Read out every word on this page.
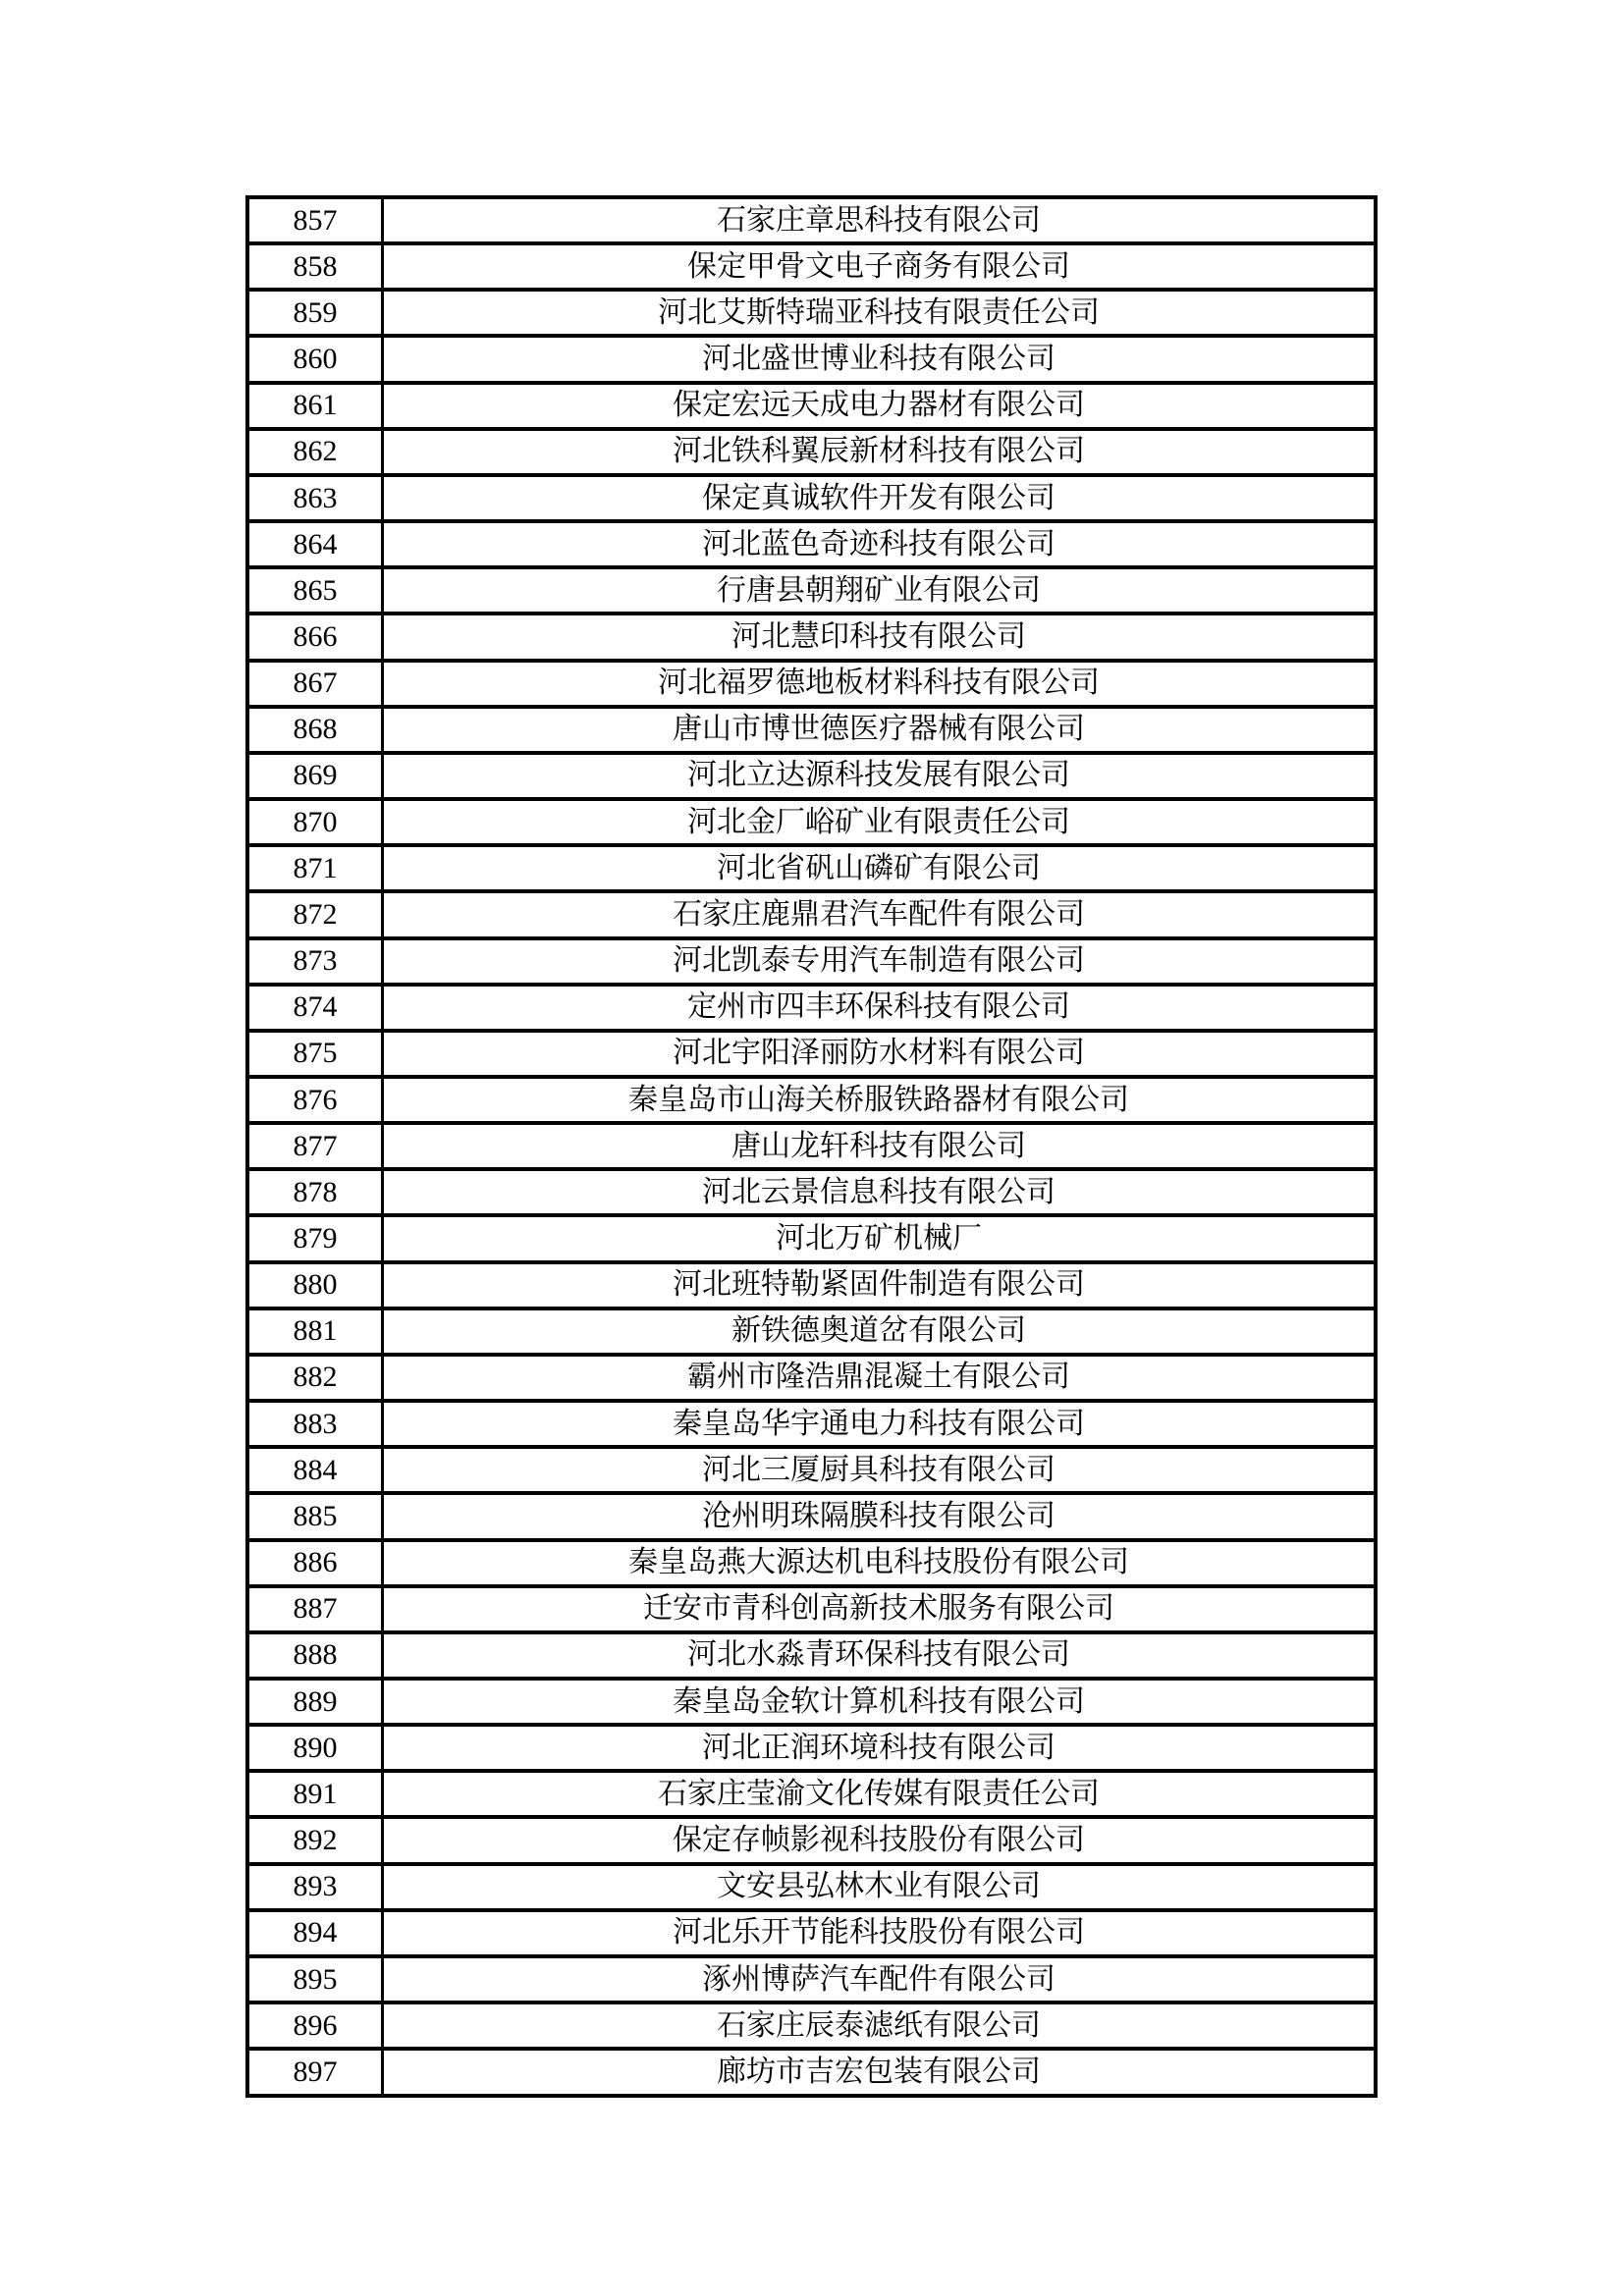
857	石家庄章思科技有限公司
858	保定甲骨文电子商务有限公司
859	河北艾斯特瑞亚科技有限责任公司
860	河北盛世博业科技有限公司
861	保定宏远天成电力器材有限公司
862	河北铁科翼辰新材科技有限公司
863	保定真诚软件开发有限公司
864	河北蓝色奇迹科技有限公司
865	行唐县朝翔矿业有限公司
866	河北慧印科技有限公司
867	河北福罗德地板材料科技有限公司
868	唐山市博世德医疗器械有限公司
869	河北立达源科技发展有限公司
870	河北金厂峪矿业有限责任公司
871	河北省矾山磷矿有限公司
872	石家庄鹿鼎君汽车配件有限公司
873	河北凯泰专用汽车制造有限公司
874	定州市四丰环保科技有限公司
875	河北宇阳泽丽防水材料有限公司
876	秦皇岛市山海关桥服铁路器材有限公司
877	唐山龙轩科技有限公司
878	河北云景信息科技有限公司
879	河北万矿机械厂
880	河北班特勒紧固件制造有限公司
881	新铁德奥道岔有限公司
882	霸州市隆浩鼎混凝土有限公司
883	秦皇岛华宇通电力科技有限公司
884	河北三厦厨具科技有限公司
885	沧州明珠隔膜科技有限公司
886	秦皇岛燕大源达机电科技股份有限公司
887	迁安市青科创高新技术服务有限公司
888	河北水淼青环保科技有限公司
889	秦皇岛金软计算机科技有限公司
890	河北正润环境科技有限公司
891	石家庄莹渝文化传媒有限责任公司
892	保定存帧影视科技股份有限公司
893	文安县弘林木业有限公司
894	河北乐开节能科技股份有限公司
895	涿州博萨汽车配件有限公司
896	石家庄辰泰滤纸有限公司
897	廊坊市吉宏包装有限公司
